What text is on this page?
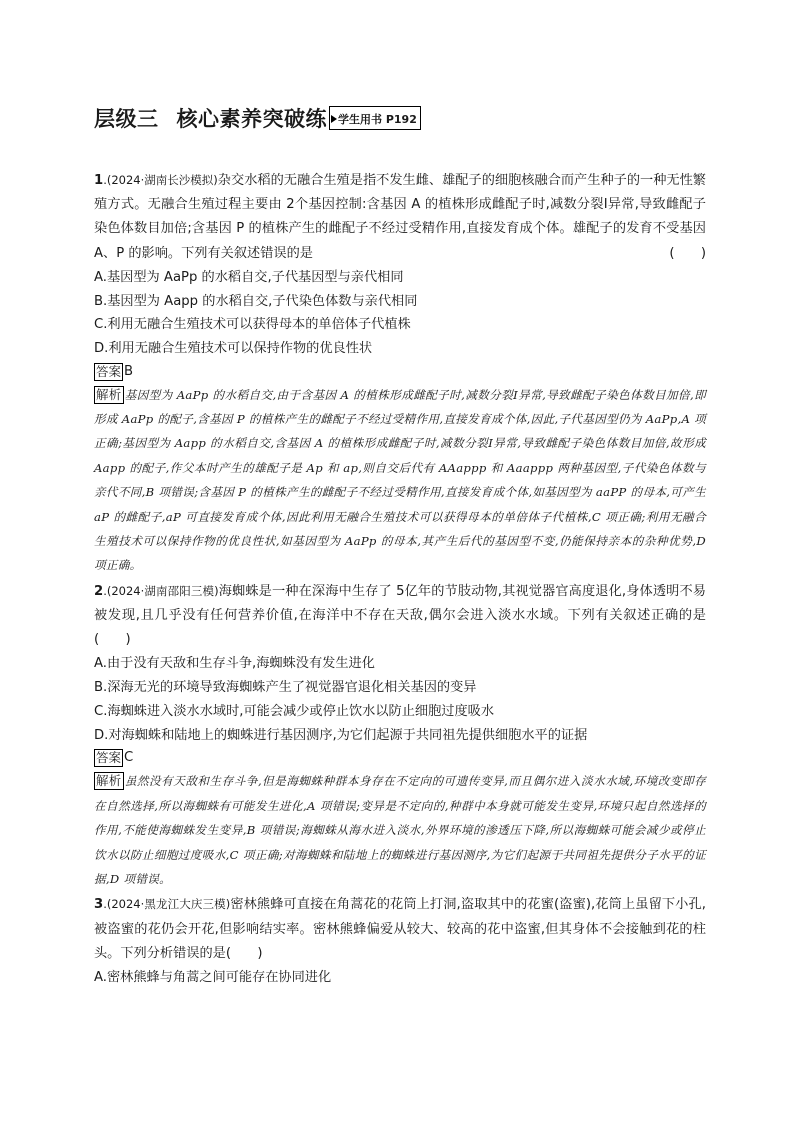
层级三 核心素养突破练 学生用书 P192

1.(2024·湖南长沙模拟)杂交水稻的无融合生殖是指不发生雌、雄配子的细胞核融合而产生种子的一种无性繁殖方式。无融合生殖过程主要由 2个基因控制:含基因 A 的植株形成雌配子时,减数分裂Ⅰ异常,导致雌配子染色体数目加倍;含基因 P 的植株产生的雌配子不经过受精作用,直接发育成个体。雄配子的发育不受基因 A、P 的影响。下列有关叙述错误的是	(　　)

A.基因型为 AaPp 的水稻自交,子代基因型与亲代相同

B.基因型为 Aapp 的水稻自交,子代染色体数与亲代相同

C.利用无融合生殖技术可以获得母本的单倍体子代植株

D.利用无融合生殖技术可以保持作物的优良性状

答案 B

解析 基因型为 AaPp 的水稻自交,由于含基因 A 的植株形成雌配子时,减数分裂Ⅰ异常,导致雌配子染色体数目加倍,即形成 AaPp 的配子,含基因 P 的植株产生的雌配子不经过受精作用,直接发育成个体,因此,子代基因型仍为 AaPp,A 项正确;基因型为 Aapp 的水稻自交,含基因 A 的植株形成雌配子时,减数分裂Ⅰ异常,导致雌配子染色体数目加倍,故形成 Aapp 的配子,作父本时产生的雄配子是 Ap 和 ap,则自交后代有 AAappp 和 Aaappp 两种基因型,子代染色体数与亲代不同,B 项错误;含基因 P 的植株产生的雌配子不经过受精作用,直接发育成个体,如基因型为 aaPP 的母本,可产生 aP 的雌配子,aP 可直接发育成个体,因此利用无融合生殖技术可以获得母本的单倍体子代植株,C 项正确;利用无融合生殖技术可以保持作物的优良性状,如基因型为 AaPp 的母本,其产生后代的基因型不变,仍能保持亲本的杂种优势,D 项正确。

2.(2024·湖南邵阳三模)海蜘蛛是一种在深海中生存了 5亿年的节肢动物,其视觉器官高度退化,身体透明不易被发现,且几乎没有任何营养价值,在海洋中不存在天敌,偶尔会进入淡水水域。下列有关叙述正确的是(　　)

A.由于没有天敌和生存斗争,海蜘蛛没有发生进化

B.深海无光的环境导致海蜘蛛产生了视觉器官退化相关基因的变异

C.海蜘蛛进入淡水水域时,可能会减少或停止饮水以防止细胞过度吸水

D.对海蜘蛛和陆地上的蜘蛛进行基因测序,为它们起源于共同祖先提供细胞水平的证据

答案 C

解析 虽然没有天敌和生存斗争,但是海蜘蛛种群本身存在不定向的可遗传变异,而且偶尔进入淡水水域,环境改变即存在自然选择,所以海蜘蛛有可能发生进化,A 项错误;变异是不定向的,种群中本身就可能发生变异,环境只起自然选择的作用,不能使海蜘蛛发生变异,B 项错误;海蜘蛛从海水进入淡水,外界环境的渗透压下降,所以海蜘蛛可能会减少或停止饮水以防止细胞过度吸水,C 项正确;对海蜘蛛和陆地上的蜘蛛进行基因测序,为它们起源于共同祖先提供分子水平的证据,D 项错误。

3.(2024·黑龙江大庆三模)密林熊蜂可直接在角蒿花的花筒上打洞,盗取其中的花蜜(盗蜜),花筒上虽留下小孔,被盗蜜的花仍会开花,但影响结实率。密林熊蜂偏爱从较大、较高的花中盗蜜,但其身体不会接触到花的柱头。下列分析错误的是(　　)

A.密林熊蜂与角蒿之间可能存在协同进化
